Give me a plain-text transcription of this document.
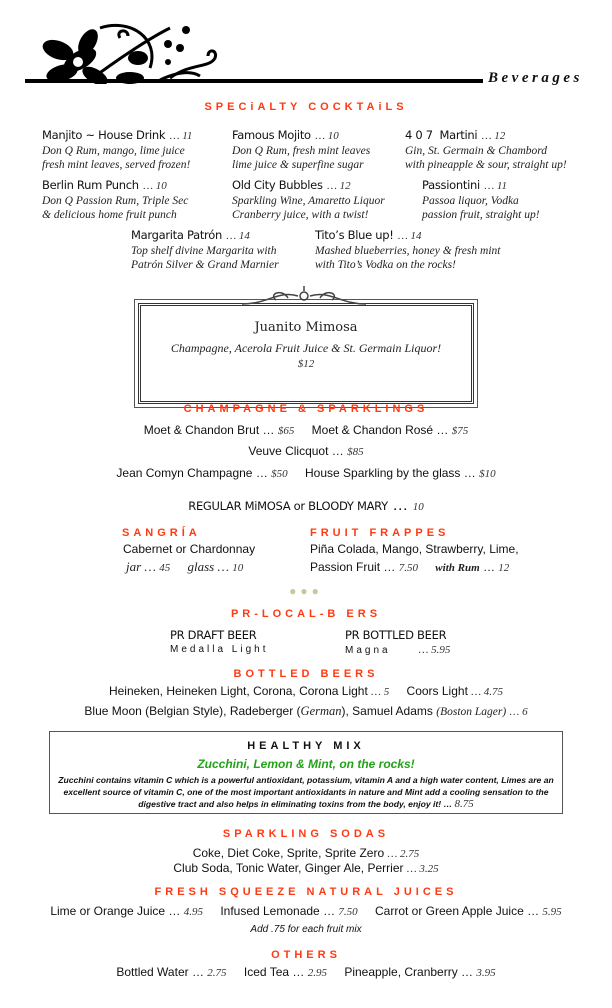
Beverages
SPECiALTY COCKTAiLS
Manjito ~ House Drink … 11
Don Q Rum, mango, lime juice
fresh mint leaves, served frozen!
Famous Mojito … 10
Don Q Rum, fresh mint leaves
lime juice & superfine sugar
4 0 7  Martini … 12
Gin, St. Germain & Chambord
with pineapple & sour, straight up!
Berlin Rum Punch … 10
Don Q Passion Rum, Triple Sec
& delicious home fruit punch
Old City Bubbles … 12
Sparkling Wine, Amaretto Liquor
Cranberry juice, with a twist!
Passiontini … 11
Passoa liquor, Vodka
passion fruit, straight up!
Margarita Patrón … 14
Top shelf divine Margarita with
Patrón Silver & Grand Marnier
Tito’s Blue up! … 14
Mashed blueberries, honey & fresh mint
with Tito’s Vodka on the rocks!
Juanito Mimosa
Champagne, Acerola Fruit Juice & St. Germain Liquor!
$12
CHAMPAGNE & SPARKLINGS
Moet & Chandon Brut … $65 Moet & Chandon Rosé … $75
Veuve Clicquot … $85
Jean Comyn Champagne … $50 House Sparkling by the glass … $10
REGULAR MiMOSA or BLOODY MARY … 10
SANGRÍA
Cabernet or Chardonnay
jar … 45 glass … 10
FRUIT FRAPPES
Piña Colada, Mango, Strawberry, Lime,
Passion Fruit … 7.50 with Rum … 12
●●●
PR-LOCAL-B ERS
PR DRAFT BEER
Medalla Light
PR BOTTLED BEER
Magna	… 5.95
BOTTLED BEERS
Heineken, Heineken Light, Corona, Corona Light … 5 Coors Light … 4.75
Blue Moon (Belgian Style), Radeberger (German), Samuel Adams (Boston Lager) … 6
HEALTHY MIX
Zucchini, Lemon & Mint, on the rocks!
Zucchini contains vitamin C which is a powerful antioxidant, potassium, vitamin A and a high water content, Limes are an excellent source of vitamin C, one of the most important antioxidants in nature and Mint add a cooling sensation to the digestive tract and also helps in eliminating toxins from the body, enjoy it! … 8.75
SPARKLING SODAS
Coke, Diet Coke, Sprite, Sprite Zero … 2.75
Club Soda, Tonic Water, Ginger Ale, Perrier … 3.25
FRESH SQUEEZE NATURAL JUICES
Lime or Orange Juice … 4.95 Infused Lemonade … 7.50 Carrot or Green Apple Juice … 5.95
Add .75 for each fruit mix
OTHERS
Bottled Water … 2.75 Iced Tea … 2.95 Pineapple, Cranberry … 3.95
